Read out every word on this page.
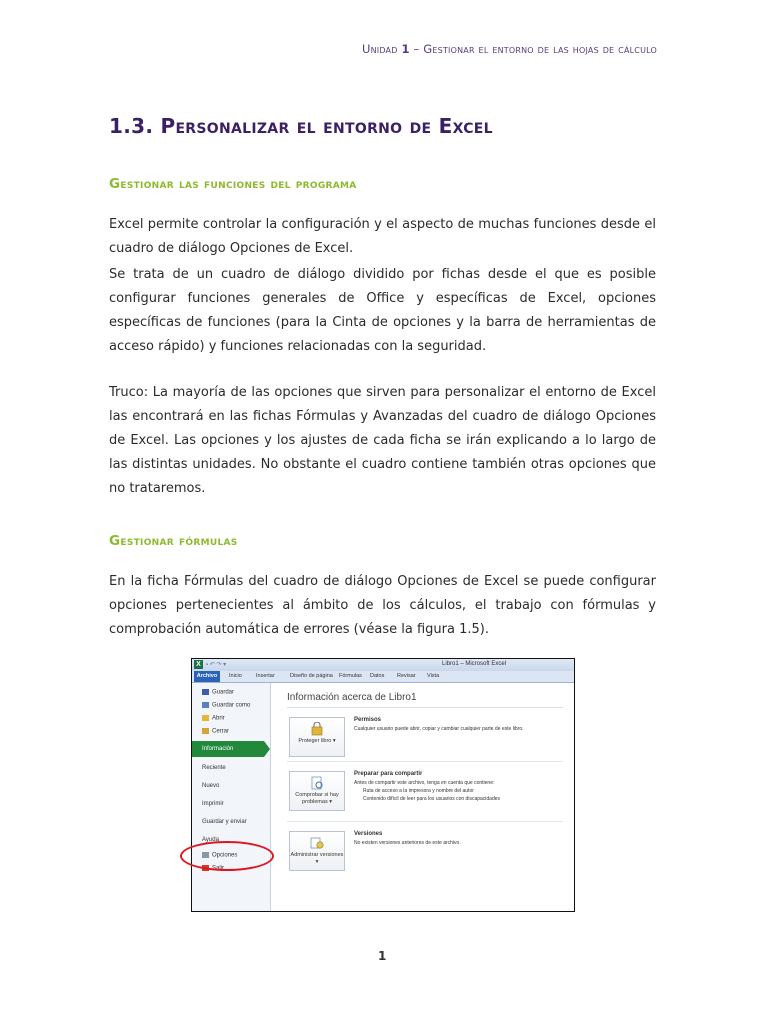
Unidad 1 – Gestionar el entorno de las hojas de cálculo
1.3. Personalizar el entorno de Excel
Gestionar las funciones del programa

Excel permite controlar la configuración y el aspecto de muchas funciones desde el cuadro de diálogo Opciones de Excel.

Se trata de un cuadro de diálogo dividido por fichas desde el que es posible configurar funciones generales de Office y específicas de Excel, opciones específicas de funciones (para la Cinta de opciones y la barra de herramientas de acceso rápido) y funciones relacionadas con la seguridad.

Truco: La mayoría de las opciones que sirven para personalizar el entorno de Excel las encontrará en las fichas Fórmulas y Avanzadas del cuadro de diálogo Opciones de Excel. Las opciones y los ajustes de cada ficha se irán explicando a lo largo de las distintas unidades. No obstante el cuadro contiene también otras opciones que no trataremos.

Gestionar fórmulas

En la ficha Fórmulas del cuadro de diálogo Opciones de Excel se puede configurar opciones pertenecientes al ámbito de los cálculos, el trabajo con fórmulas y comprobación automática de errores (véase la figura 1.5).

X ▪ ↶ ↷ ▾	Libro1 – Microsoft Excel
Archivo	Inicio	Insertar	Diseño de página Fórmulas Datos Revisar Vista
Guardar
Guardar como
Abrir
Cerrar
Información
Reciente
Nuevo
Imprimir
Guardar y enviar
Ayuda
Opciones
Salir
Información acerca de Libro1
Proteger libro ▾
Permisos
Cualquier usuario puede abrir, copiar y cambiar cualquier parte de este libro.
Comprobar si hay problemas ▾
Preparar para compartir
Antes de compartir este archivo, tenga en cuenta que contiene:
Ruta de acceso a la impresora y nombre del autor
Contenido difícil de leer para los usuarios con discapacidades
Administrar versiones ▾
Versiones
No existen versiones anteriores de este archivo.
1
